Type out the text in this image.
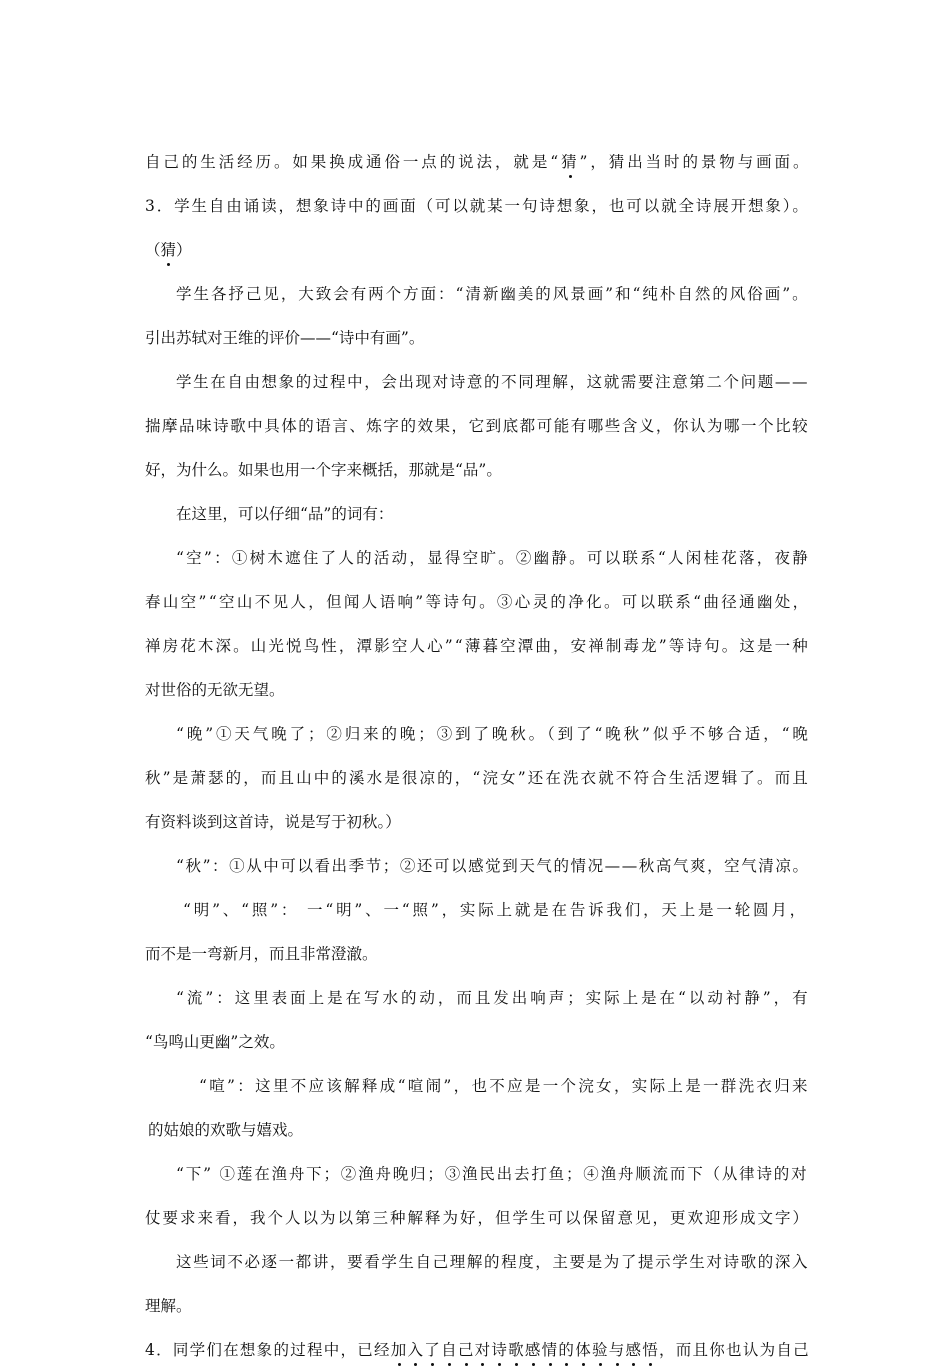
自己的生活经历。如果换成通俗一点的说法，就是“猜”，猜出当时的景物与画面。
3．学生自由诵读，想象诗中的画面（可以就某一句诗想象，也可以就全诗展开想象）。
（猜）
学生各抒己见，大致会有两个方面：“清新幽美的风景画”和“纯朴自然的风俗画”。
引出苏轼对王维的评价——“诗中有画”。
学生在自由想象的过程中，会出现对诗意的不同理解，这就需要注意第二个问题——
揣摩品味诗歌中具体的语言、炼字的效果，它到底都可能有哪些含义，你认为哪一个比较
好，为什么。如果也用一个字来概括，那就是“品”。
在这里，可以仔细“品”的词有：
“空”：①树木遮住了人的活动，显得空旷。②幽静。可以联系“人闲桂花落，夜静
春山空”“空山不见人，但闻人语响”等诗句。③心灵的净化。可以联系“曲径通幽处，
禅房花木深。山光悦鸟性，潭影空人心”“薄暮空潭曲，安禅制毒龙”等诗句。这是一种
对世俗的无欲无望。
“晚”①天气晚了；②归来的晚；③到了晚秋。（到了“晚秋”似乎不够合适，“晚
秋”是萧瑟的，而且山中的溪水是很凉的，“浣女”还在洗衣就不符合生活逻辑了。而且
有资料谈到这首诗，说是写于初秋。）
“秋”：①从中可以看出季节；②还可以感觉到天气的情况——秋高气爽，空气清凉。
“明”、“照”： 一“明”、一“照”，实际上就是在告诉我们，天上是一轮圆月，
而不是一弯新月，而且非常澄澈。
“流”：这里表面上是在写水的动，而且发出响声；实际上是在“以动衬静”，有
“鸟鸣山更幽”之效。
“喧”：这里不应该解释成“喧闹”，也不应是一个浣女，实际上是一群洗衣归来
的姑娘的欢歌与嬉戏。
“下” ①莲在渔舟下；②渔舟晚归；③渔民出去打鱼；④渔舟顺流而下（从律诗的对
仗要求来看，我个人以为以第三种解释为好，但学生可以保留意见，更欢迎形成文字）
这些词不必逐一都讲，要看学生自己理解的程度，主要是为了提示学生对诗歌的深入
理解。
4．同学们在想象的过程中，已经加入了自己对诗歌感情的体验与感悟，而且你也认为自己
